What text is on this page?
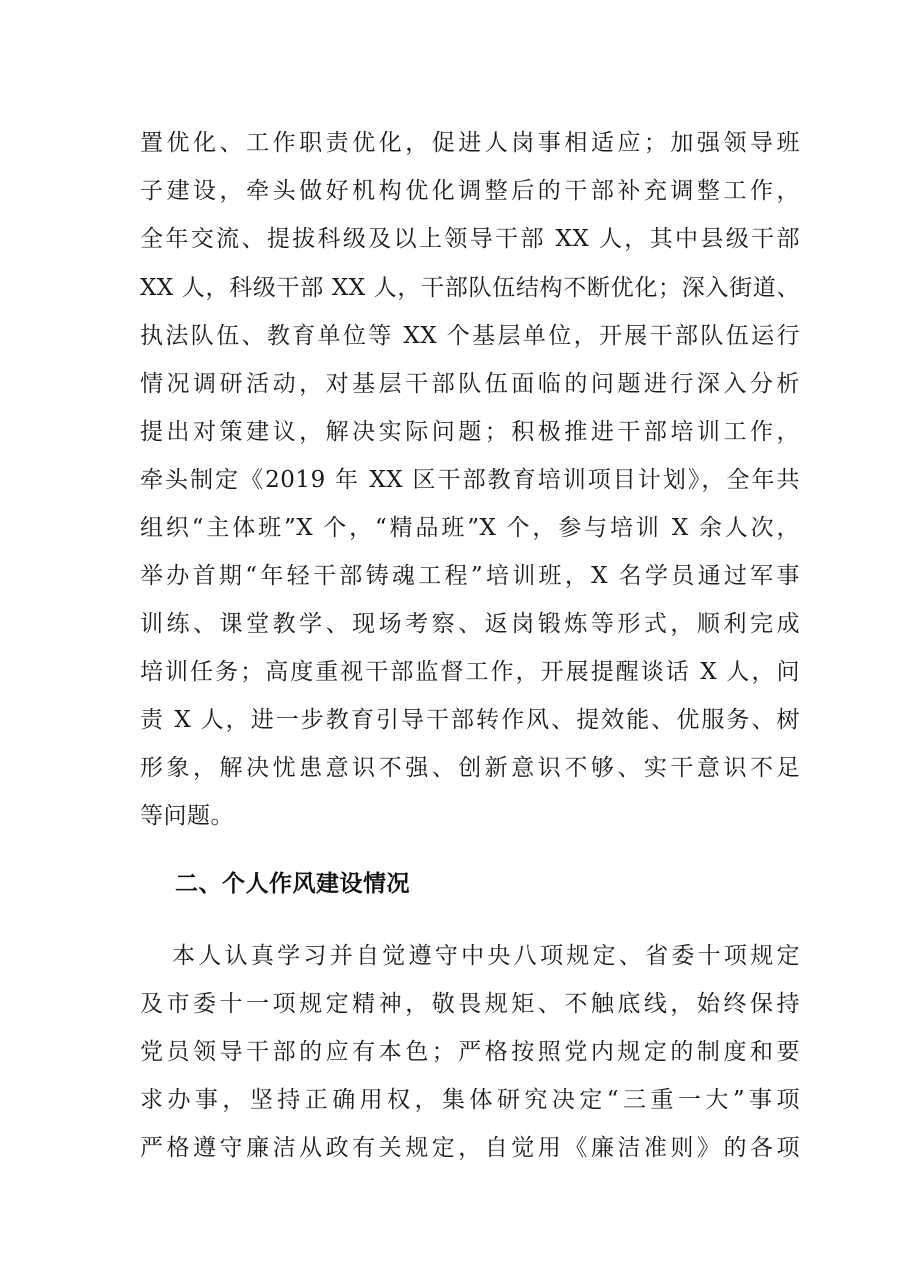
置优化、工作职责优化，促进人岗事相适应；加强领导班
子建设，牵头做好机构优化调整后的干部补充调整工作，
全年交流、提拔科级及以上领导干部 XX 人，其中县级干部
XX 人，科级干部 XX 人，干部队伍结构不断优化；深入街道、
执法队伍、教育单位等 XX 个基层单位，开展干部队伍运行
情况调研活动，对基层干部队伍面临的问题进行深入分析
提出对策建议，解决实际问题；积极推进干部培训工作，
牵头制定《2019 年 XX 区干部教育培训项目计划》，全年共
组织“主体班”X 个，“精品班”X 个，参与培训 X 余人次，
举办首期“年轻干部铸魂工程”培训班，X 名学员通过军事
训练、课堂教学、现场考察、返岗锻炼等形式，顺利完成
培训任务；高度重视干部监督工作，开展提醒谈话 X 人，问
责 X 人，进一步教育引导干部转作风、提效能、优服务、树
形象，解决忧患意识不强、创新意识不够、实干意识不足
等问题。
二、个人作风建设情况
本人认真学习并自觉遵守中央八项规定、省委十项规定
及市委十一项规定精神，敬畏规矩、不触底线，始终保持
党员领导干部的应有本色；严格按照党内规定的制度和要
求办事，坚持正确用权，集体研究决定“三重一大”事项
严格遵守廉洁从政有关规定，自觉用《廉洁准则》的各项
